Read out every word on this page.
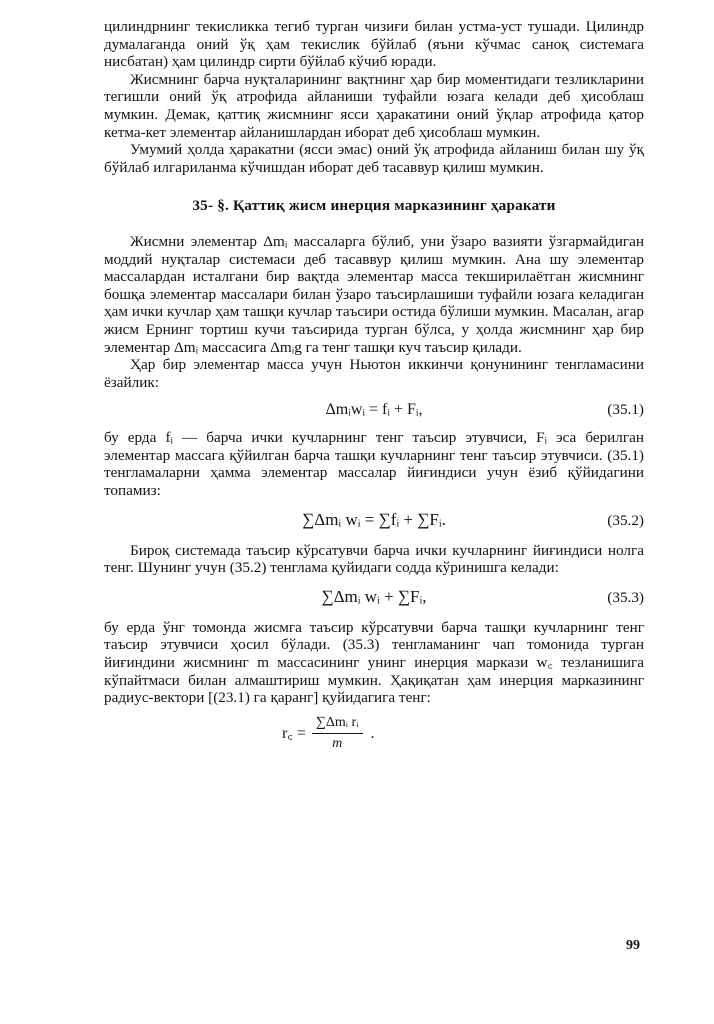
цилиндрнинг текисликка тегиб турган чизиғи билан устма-уст тушади. Цилиндр думалаганда оний ўқ ҳам текислик бўйлаб (яъни кўчмас саноқ системага нисбатан) ҳам цилиндр сирти бўйлаб кўчиб юради.

Жисмнинг барча нуқталарининг вақтнинг ҳар бир моментидаги тезликларини тегишли оний ўқ атрофида айланиши туфайли юзага келади деб ҳисоблаш мумкин. Демак, қаттиқ жисмнинг ясси ҳаракатини оний ўқлар атрофида қатор кетма-кет элементар айланишлардан иборат деб ҳисоблаш мумкин.

Умумий ҳолда ҳаракатни (ясси эмас) оний ўқ атрофида айланиш билан шу ўқ бўйлаб илгариланма кўчишдан иборат деб тасаввур қилиш мумкин.

35- §. Қаттиқ жисм инерция марказининг ҳаракати

Жисмни элементар Δmᵢ массаларга бўлиб, уни ўзаро вазияти ўзгармайдиган моддий нуқталар системаси деб тасаввур қилиш мумкин. Ана шу элементар массалардан исталгани бир вақтда элементар масса текширилаётган жисмнинг бошқа элементар массалари билан ўзаро таъсирлашиши туфайли юзага келадиган ҳам ички кучлар ҳам ташқи кучлар таъсири остида бўлиши мумкин. Масалан, агар жисм Ернинг тортиш кучи таъсирида турган бўлса, у ҳолда жисмнинг ҳар бир элементар Δmᵢ массасига Δmᵢg га тенг ташқи куч таъсир қилади.

Ҳар бир элементар масса учун Ньютон иккинчи қонунининг тенгламасини ёзайлик:

Δmᵢwᵢ = fᵢ + Fᵢ,	(35.1)

бу ерда fᵢ — барча ички кучларнинг тенг таъсир этувчиси, Fᵢ эса берилган элементар массага қўйилган барча ташқи кучларнинг тенг таъсир этувчиси. (35.1) тенгламаларни ҳамма элементар массалар йиғиндиси учун ёзиб қўйидагини топамиз:

∑Δmᵢ wᵢ = ∑fᵢ + ∑Fᵢ.	(35.2)

Бироқ системада таъсир кўрсатувчи барча ички кучларнинг йиғиндиси нолга тенг. Шунинг учун (35.2) тенглама қуйидаги содда кўринишга келади:

∑Δmᵢ wᵢ + ∑Fᵢ,	(35.3)

бу ерда ўнг томонда жисмга таъсир кўрсатувчи барча ташқи кучларнинг тенг таъсир этувчиси ҳосил бўлади. (35.3) тенгламанинг чап томонида турган йиғиндини жисмнинг m массасининг унинг инерция маркази w꜀ тезланишига кўпайтмаси билан алмаштириш мумкин. Ҳақиқатан ҳам инерция марказининг радиус-вектори [(23.1) га қаранг] қуйидагига тенг:

r꜀ = $\frac{\text{∑Δmᵢ rᵢ}}{m}$ .
99
